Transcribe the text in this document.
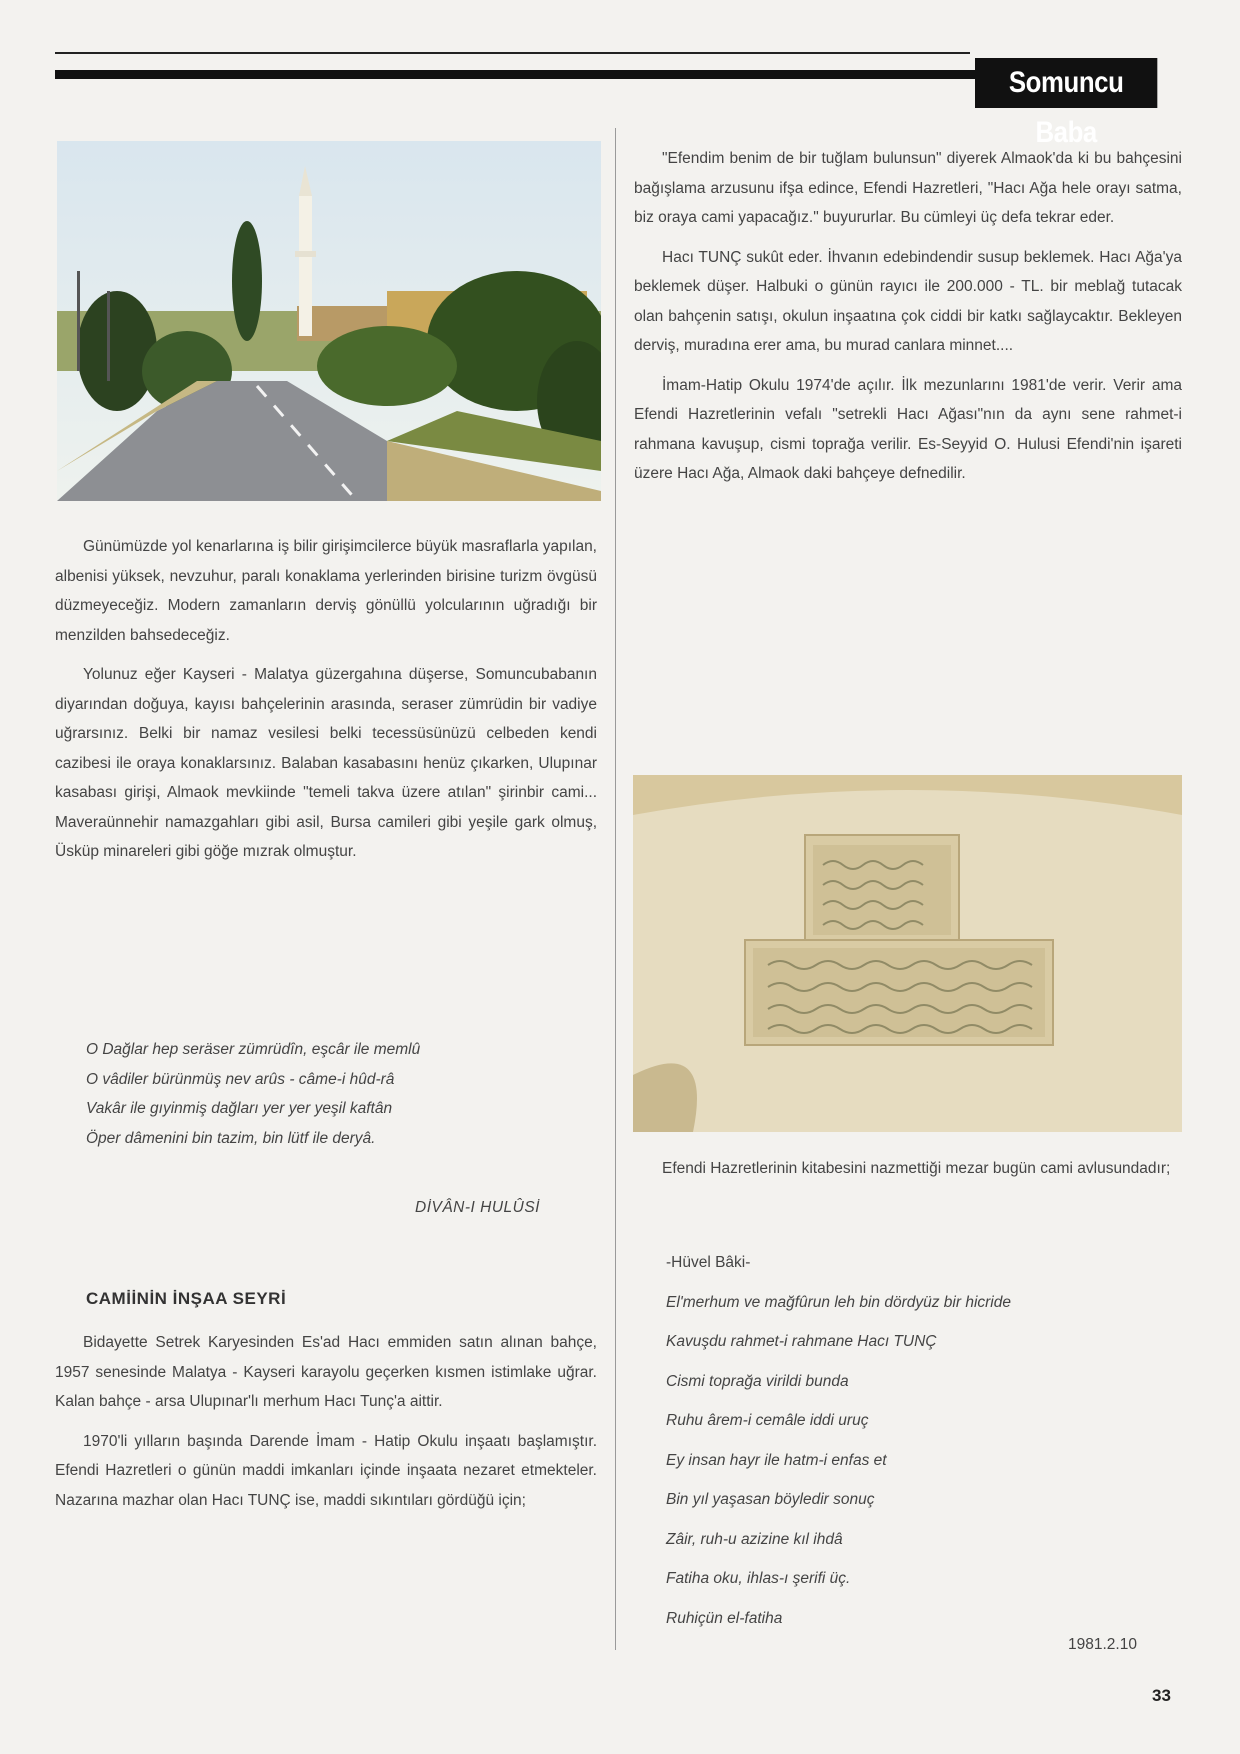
Somuncu Baba

Günümüzde yol kenarlarına iş bilir girişimcilerce büyük masraflarla yapılan, albenisi yüksek, nevzuhur, paralı konaklama yerlerinden birisine turizm övgüsü düzmeyeceğiz. Modern zamanların derviş gönüllü yolcularının uğradığı bir menzilden bahsedeceğiz.

Yolunuz eğer Kayseri - Malatya güzergahına düşerse, Somuncubabanın diyarından doğuya, kayısı bahçelerinin arasında, seraser zümrüdin bir vadiye uğrarsınız. Belki bir namaz vesilesi belki tecessüsünüzü celbeden kendi cazibesi ile oraya konaklarsınız. Balaban kasabasını henüz çıkarken, Ulupınar kasabası girişi, Almaok mevkiinde "temeli takva üzere atılan" şirinbir cami... Maveraünnehir namazgahları gibi asil, Bursa camileri gibi yeşile gark olmuş, Üsküp minareleri gibi göğe mızrak olmuştur.

O Dağlar hep seräser zümrüdîn, eşcâr ile memlû
O vâdiler bürünmüş nev arûs - câme-i hûd-râ
Vakâr ile gıyinmiş dağları yer yer yeşil kaftân
Öper dâmenini bin tazim, bin lütf ile deryâ.
DİVÂN-I HULÛSİ
CAMİİNİN İNŞAA SEYRİ

Bidayette Setrek Karyesinden Es'ad Hacı emmiden satın alınan bahçe, 1957 senesinde Malatya - Kayseri karayolu geçerken kısmen istimlake uğrar. Kalan bahçe - arsa Ulupınar'lı merhum Hacı Tunç'a aittir.

1970'li yılların başında Darende İmam - Hatip Okulu inşaatı başlamıştır. Efendi Hazretleri o günün maddi imkanları içinde inşaata nezaret etmekteler. Nazarına mazhar olan Hacı TUNÇ ise, maddi sıkıntıları gördüğü için;

"Efendim benim de bir tuğlam bulunsun" diyerek Almaok'da ki bu bahçesini bağışlama arzusunu ifşa edince, Efendi Hazretleri, "Hacı Ağa hele orayı satma, biz oraya cami yapacağız." buyururlar. Bu cümleyi üç defa tekrar eder.

Hacı TUNÇ sukût eder. İhvanın edebindendir susup beklemek. Hacı Ağa'ya beklemek düşer. Halbuki o günün rayıcı ile 200.000 - TL. bir meblağ tutacak olan bahçenin satışı, okulun inşaatına çok ciddi bir katkı sağlaycaktır. Bekleyen derviş, muradına erer ama, bu murad canlara minnet....

İmam-Hatip Okulu 1974'de açılır. İlk mezunlarını 1981'de verir. Verir ama Efendi Hazretlerinin vefalı "setrekli Hacı Ağası"nın da aynı sene rahmet-i rahmana kavuşup, cismi toprağa verilir. Es-Seyyid O. Hulusi Efendi'nin işareti üzere Hacı Ağa, Almaok daki bahçeye defnedilir.

Efendi Hazretlerinin kitabesini nazmettiği mezar bugün cami avlusundadır;

-Hüvel Bâki-
El'merhum ve mağfûrun leh bin dördyüz bir hicride
Kavuşdu rahmet-i rahmane Hacı TUNÇ
Cismi toprağa virildi bunda
Ruhu ârem-i cemâle iddi uruç
Ey insan hayr ile hatm-i enfas et
Bin yıl yaşasan böyledir sonuç
Zâir, ruh-u azizine kıl ihdâ
Fatiha oku, ihlas-ı şerifi üç.
Ruhiçün el-fatiha
1981.2.10
33
